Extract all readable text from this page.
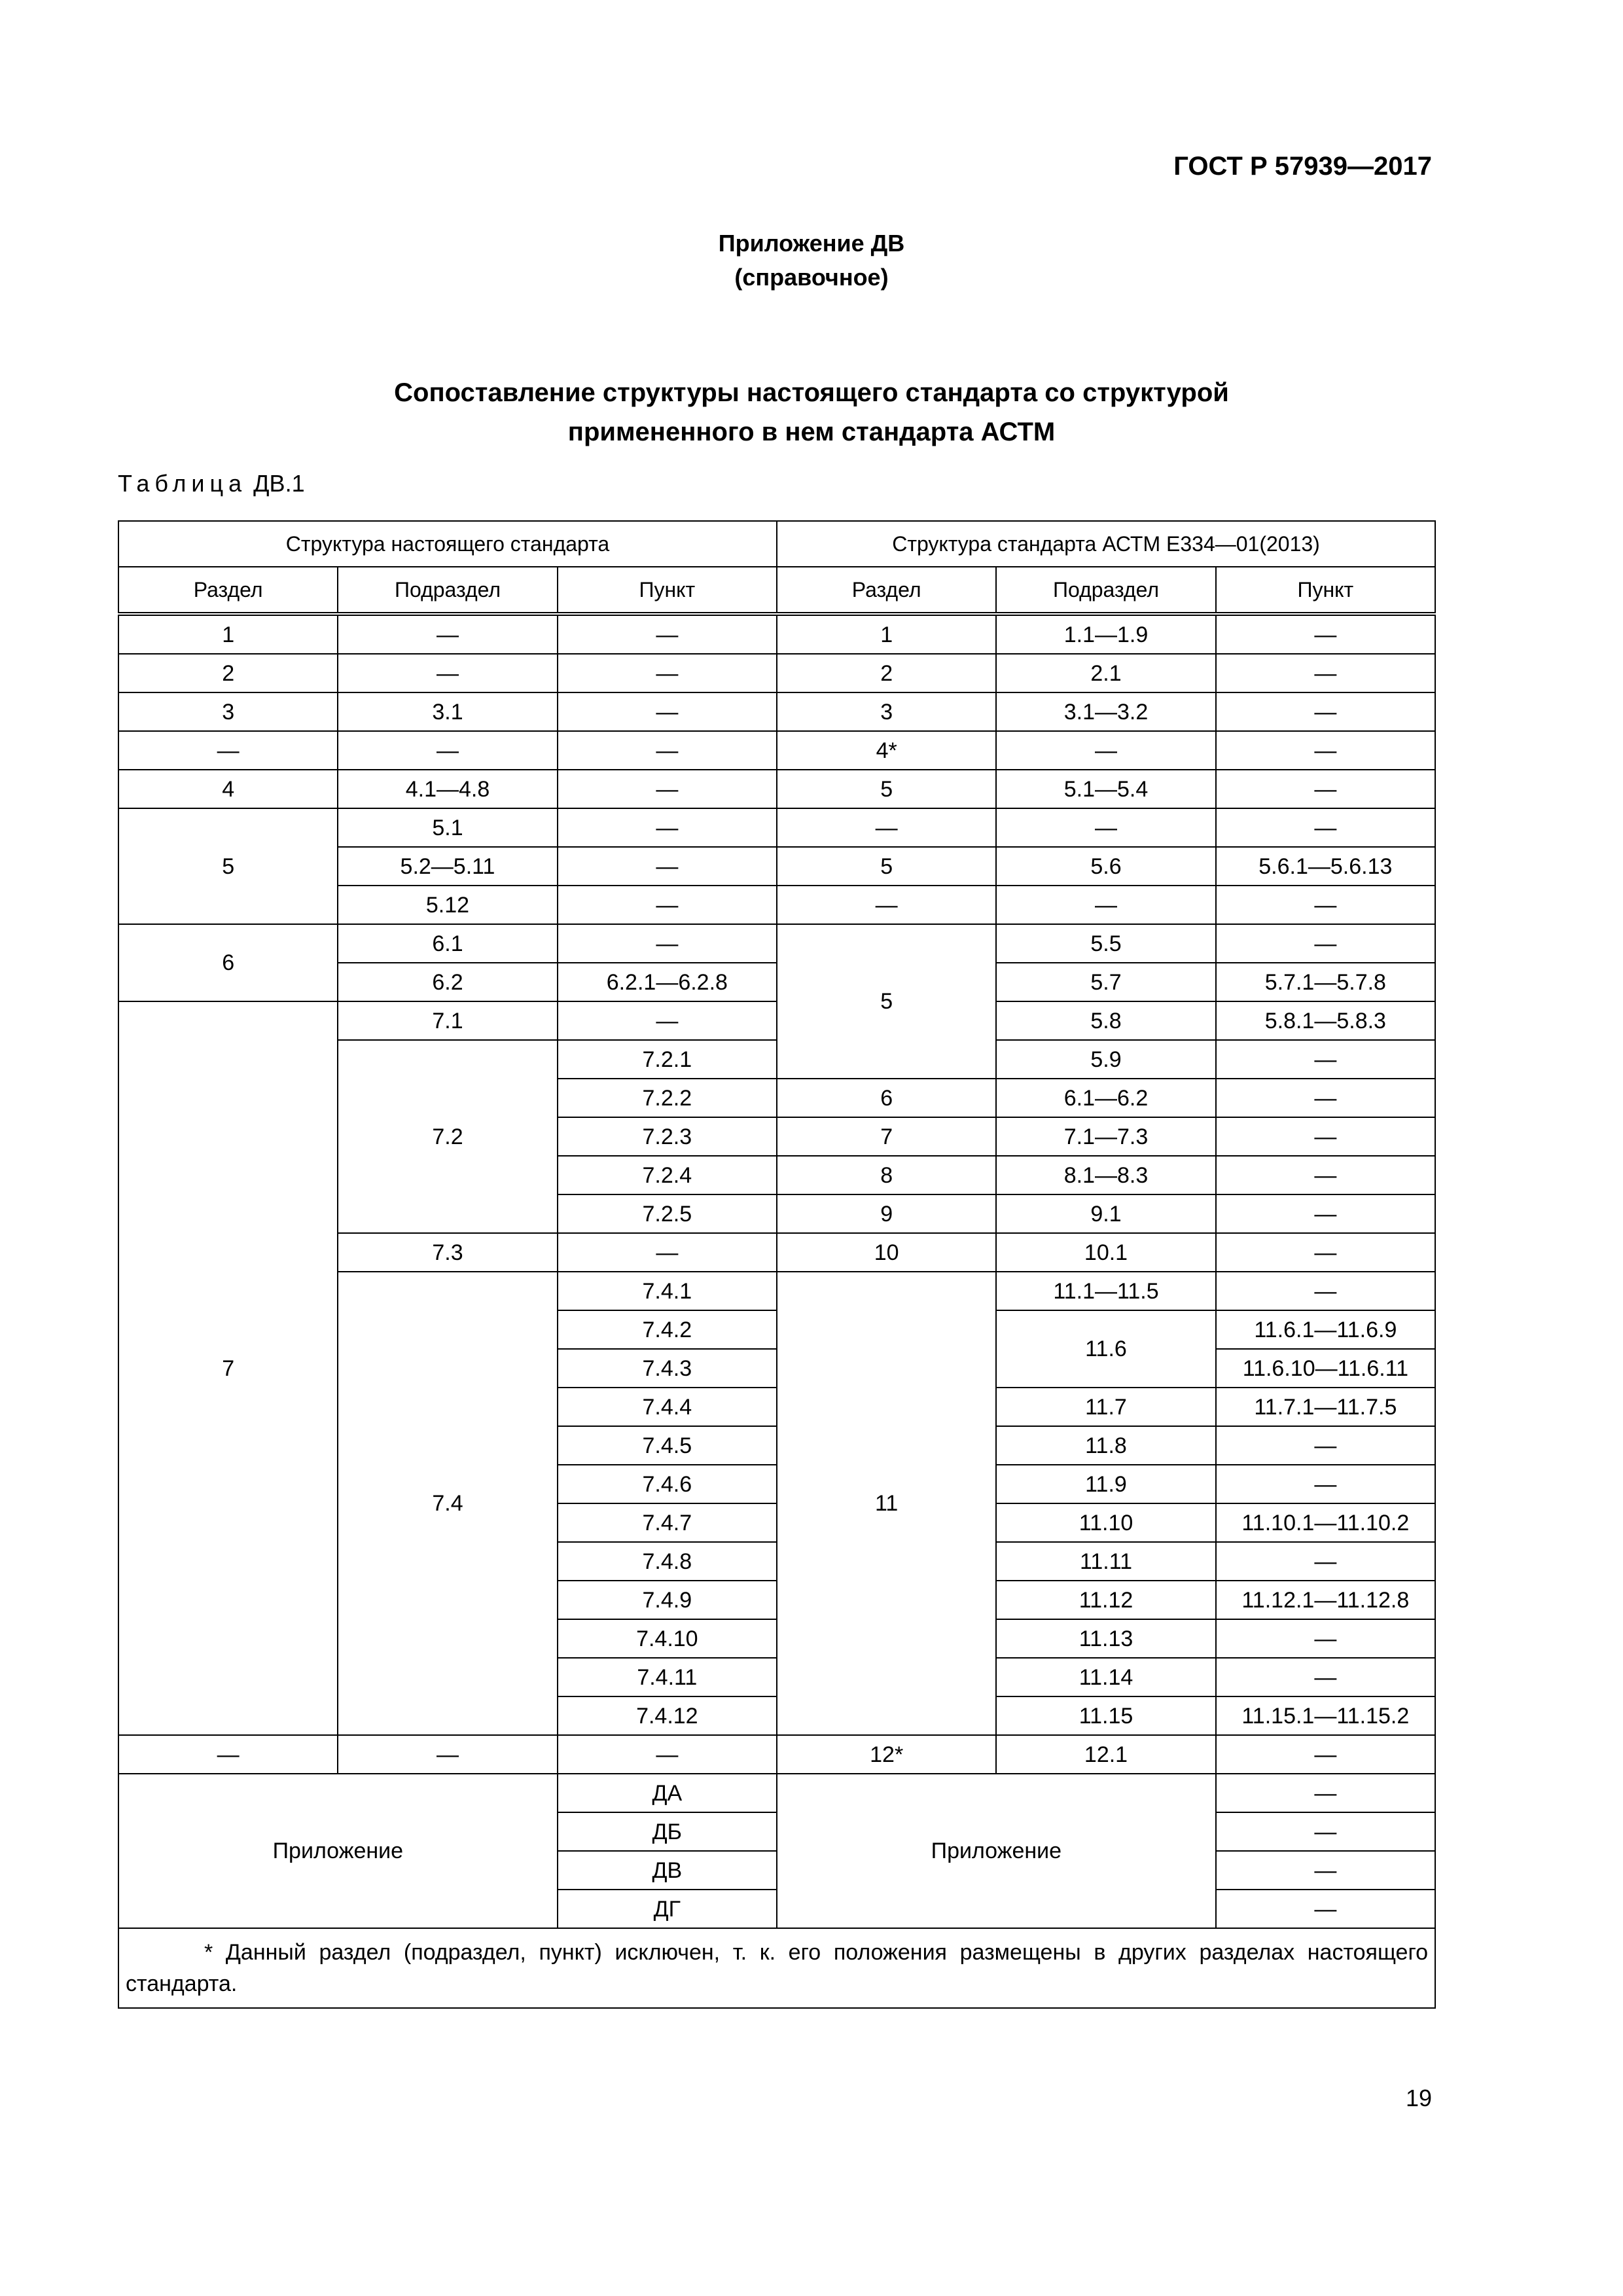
ГОСТ Р 57939—2017
Приложение ДВ
(справочное)
Сопоставление структуры настоящего стандарта со структурой
примененного в нем стандарта АСТМ
Таблица ДВ.1
Структура настоящего стандарта			Структура стандарта АСТМ E334—01(2013)		
Раздел	Подраздел	Пункт	Раздел	Подраздел	Пункт
1	—	—	1	1.1—1.9	—
2	—	—	2	2.1	—
3	3.1	—	3	3.1—3.2	—
—	—	—	4*	—	—
4	4.1—4.8	—	5	5.1—5.4	—
5	5.1	—	—	—	—
	5.2—5.11	—	5	5.6	5.6.1—5.6.13
	5.12	—	—	—	—
6	6.1	—	5	5.5	—
	6.2	6.2.1—6.2.8		5.7	5.7.1—5.7.8
7	7.1	—		5.8	5.8.1—5.8.3
	7.2	7.2.1		5.9	—
		7.2.2	6	6.1—6.2	—
		7.2.3	7	7.1—7.3	—
		7.2.4	8	8.1—8.3	—
		7.2.5	9	9.1	—
	7.3	—	10	10.1	—
	7.4	7.4.1	11	11.1—11.5	—
		7.4.2		11.6	11.6.1—11.6.9
		7.4.3			11.6.10—11.6.11
		7.4.4		11.7	11.7.1—11.7.5
		7.4.5		11.8	—
		7.4.6		11.9	—
		7.4.7		11.10	11.10.1—11.10.2
		7.4.8		11.11	—
		7.4.9		11.12	11.12.1—11.12.8
		7.4.10		11.13	—
		7.4.11		11.14	—
		7.4.12		11.15	11.15.1—11.15.2
—	—	—	12*	12.1	—
Приложение		ДА	Приложение		—
		ДБ			—
		ДВ			—
		ДГ			—
* Данный раздел (подраздел, пункт) исключен, т. к. его положения размещены в других разделах настоящего стандарта.					
19
